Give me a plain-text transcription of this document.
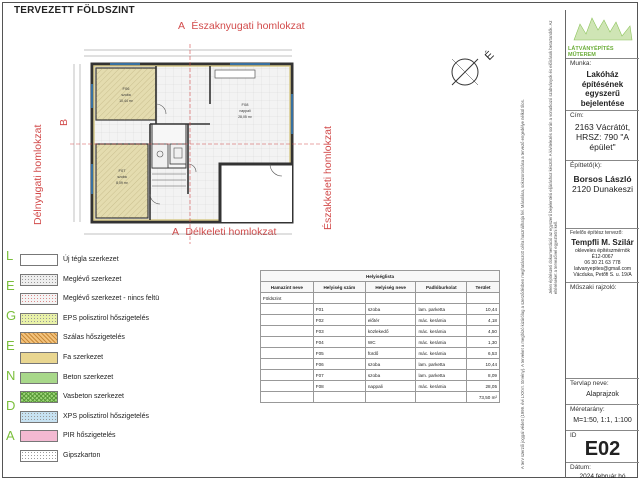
TERVEZETT FÖLDSZINT
A Északnyugati homlokzat
Délnyugati homlokzat
B
Északkeleti homlokzat
A Délkeleti homlokzat
F06
szoba
10,44 m²
F07
szoba
8,09 m²
F08
nappali
28,05 m²
É
L
E
G
E
N
D
A
Új tégla szerkezet
Meglévő szerkezet
Meglévő szerkezet - nincs feltü
EPS polisztirol hőszigetelés
Szálas hőszigetelés
Fa szerkezet
Beton szerkezet
Vasbeton szerkezet
XPS polisztirol hőszigetelés
PIR hőszigetelés
Gipszkarton
Helyiséglista				
Hamazint neve	Helyiség szám	Helyiség neve	Padlóburkolat	Terület
Földszint				
	F01	szoba	lam. parketta	10,44
	F02	előtér	mác. kerámia	4,18
	F03	közlekedő	mác. kerámia	4,50
	F04	WC	mác. kerámia	1,30
	F05	fürdő	mác. kerámia	6,53
	F06	szoba	lam. parketta	10,44
	F07	szoba	lam. parketta	8,09
	F08	nappali	mác. kerámia	28,05
				73,50 m²	A terv szerzői joggal védett (1999. évi LXXVI. törvény). A terveket a megbízó kizárólag a szerződésben meghatározott célra használhatja fel. Másolása, sokszorosítása a tervező engedélye nélkül tilos.	Jelen építészeti dokumentáció az egyszerű bejelentési eljáráshoz készült. A kivitelezés során a vonatkozó szabványok és előírások betartandók. Az eltéréseket a tervezővel egyeztetni kell.
LÁTVÁNYÉPÍTÉS MŰTEREM
Munka:
Lakóház
építésének
egyszerű
bejelentése
Cím:
2163 Vácrátót,
HRSZ: 790 "A
épület"
Építtető(k):
Borsos László
2120 Dunakeszi
Felelős építész tervező:
Tempfli M. Szilár
okleveles építészmérnök
É12-0067
06 30 21 63 778
latvanyepites@gmail.com
Vácduka, Petőfi S. u. 19/A
Műszaki rajzoló:
Tervlap neve:
Alaprajzok
Méretarány:
M=1:50, 1:1, 1:100
ID
E02
Dátum:
2024 február hó
